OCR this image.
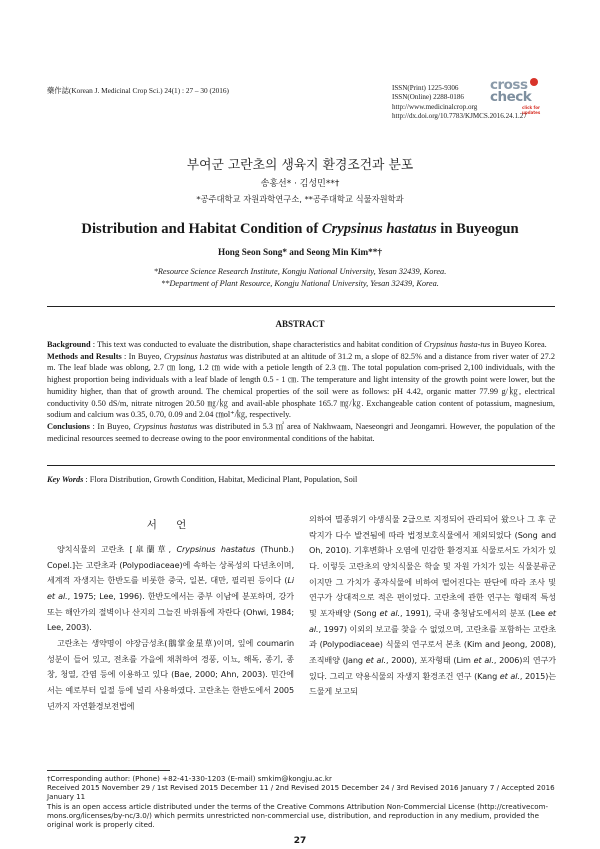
藥作誌(Korean J. Medicinal Crop Sci.) 24(1) : 27 – 30 (2016)	ISSN(Print) 1225-9306
ISSN(Online) 2288-0186
http://www.medicinalcrop.org
http://dx.doi.org/10.7783/KJMCS.2016.24.1.27
cross
check
click for updates
부여군 고란초의 생육지 환경조건과 분포
송홍선* · 김성민**†
*공주대학교 자원과학연구소, **공주대학교 식물자원학과
Distribution and Habitat Condition of Crypsinus hastatus in Buyeogun
Hong Seon Song* and Seong Min Kim**†
*Resource Science Research Institute, Kongju National University, Yesan 32439, Korea.
**Department of Plant Resource, Kongju National University, Yesan 32439, Korea.
ABSTRACT

Background : This text was conducted to evaluate the distribution, shape characteristics and habitat condition of Crypsinus hasta-tus in Buyeo Korea.

Methods and Results : In Buyeo, Crypsinus hastatus was distributed at an altitude of 31.2 m, a slope of 82.5% and a distance from river water of 27.2 m. The leaf blade was oblong, 2.7 ㎝ long, 1.2 ㎝ wide with a petiole length of 2.3 ㎝. The total population com-prised 2,100 individuals, with the highest proportion being individuals with a leaf blade of length 0.5 - 1 ㎝. The temperature and light intensity of the growth point were lower, but the humidity higher, than that of growth around. The chemical properties of the soil were as follows: pH 4.42, organic matter 77.99 g/㎏, electrical conductivity 0.50 dS/m, nitrate nitrogen 20.50 ㎎/㎏ and avail-able phosphate 165.7 ㎎/㎏. Exchangeable cation content of potassium, magnesium, sodium and calcium was 0.35, 0.70, 0.09 and 2.04 ㎝ol⁺/㎏, respectively.

Conclusions : In Buyeo, Crypsinus hastatus was distributed in 5.3 ㎡ area of Nakhwaam, Naeseongri and Jeongamri. However, the population of the medicinal resources seemed to decrease owing to the poor environmental conditions of the habitat.

Key Words : Flora Distribution, Growth Condition, Habitat, Medicinal Plant, Population, Soil
서 언

양치식물의 고란초 [皐蘭草, Crypsinus hastatus (Thunb.) Copel.]는 고란초과 (Polypodiaceae)에 속하는 상록성의 다년초이며, 세계적 자생지는 한반도를 비롯한 중국, 일본, 대만, 필리핀 등이다 (Li et al., 1975; Lee, 1996). 한반도에서는 중부 이남에 분포하며, 강가 또는 해안가의 절벽이나 산지의 그늘진 바위틈에 자란다 (Ohwi, 1984; Lee, 2003).

고란초는 생약명이 야장금성초(鵝掌金星草)이며, 잎에 coumarin 성분이 들어 있고, 전초를 가을에 채취하여 경풍, 이뇨, 해독, 종기, 종창, 청열, 간염 등에 이용하고 있다 (Bae, 2000; Ahn, 2003). 민간에서는 예로부터 일절 등에 널리 사용하였다. 고란초는 한반도에서 2005년까지 자연환경보전법에

의하여 멸종위기 야생식물 2급으로 지정되어 관리되어 왔으나 그 후 군락지가 다수 발견됨에 따라 법정보호식물에서 제외되었다 (Song and Oh, 2010). 기후변화나 오염에 민감한 환경지표 식물로서도 가치가 있다. 이렇듯 고란초의 양치식물은 학술 및 자원 가치가 있는 식물분류군이지만 그 가치가 종자식물에 비하여 떨어진다는 판단에 따라 조사 및 연구가 상대적으로 적은 편이었다. 고란초에 관한 연구는 형태적 특성 및 포자배양 (Song et al., 1991), 국내 충청남도에서의 분포 (Lee et al., 1997) 이외의 보고를 찾을 수 없었으며, 고란초를 포함하는 고란초과 (Polypodiaceae) 식물의 연구로서 본초 (Kim and Jeong, 2008), 조직배양 (Jang et al., 2000), 포자형태 (Lim et al., 2006)의 연구가 있다. 그리고 약용식물의 자생지 환경조건 연구 (Kang et al., 2015)는 드물게 보고되

†Corresponding author: (Phone) +82-41-330-1203 (E-mail) smkim@kongju.ac.kr

Received 2015 November 29 / 1st Revised 2015 December 11 / 2nd Revised 2015 December 24 / 3rd Revised 2016 January 7 / Accepted 2016 January 11

This is an open access article distributed under the terms of the Creative Commons Attribution Non-Commercial License (http://creativecom-mons.org/licenses/by-nc/3.0/) which permits unrestricted non-commercial use, distribution, and reproduction in any medium, provided the original work is properly cited.

27
